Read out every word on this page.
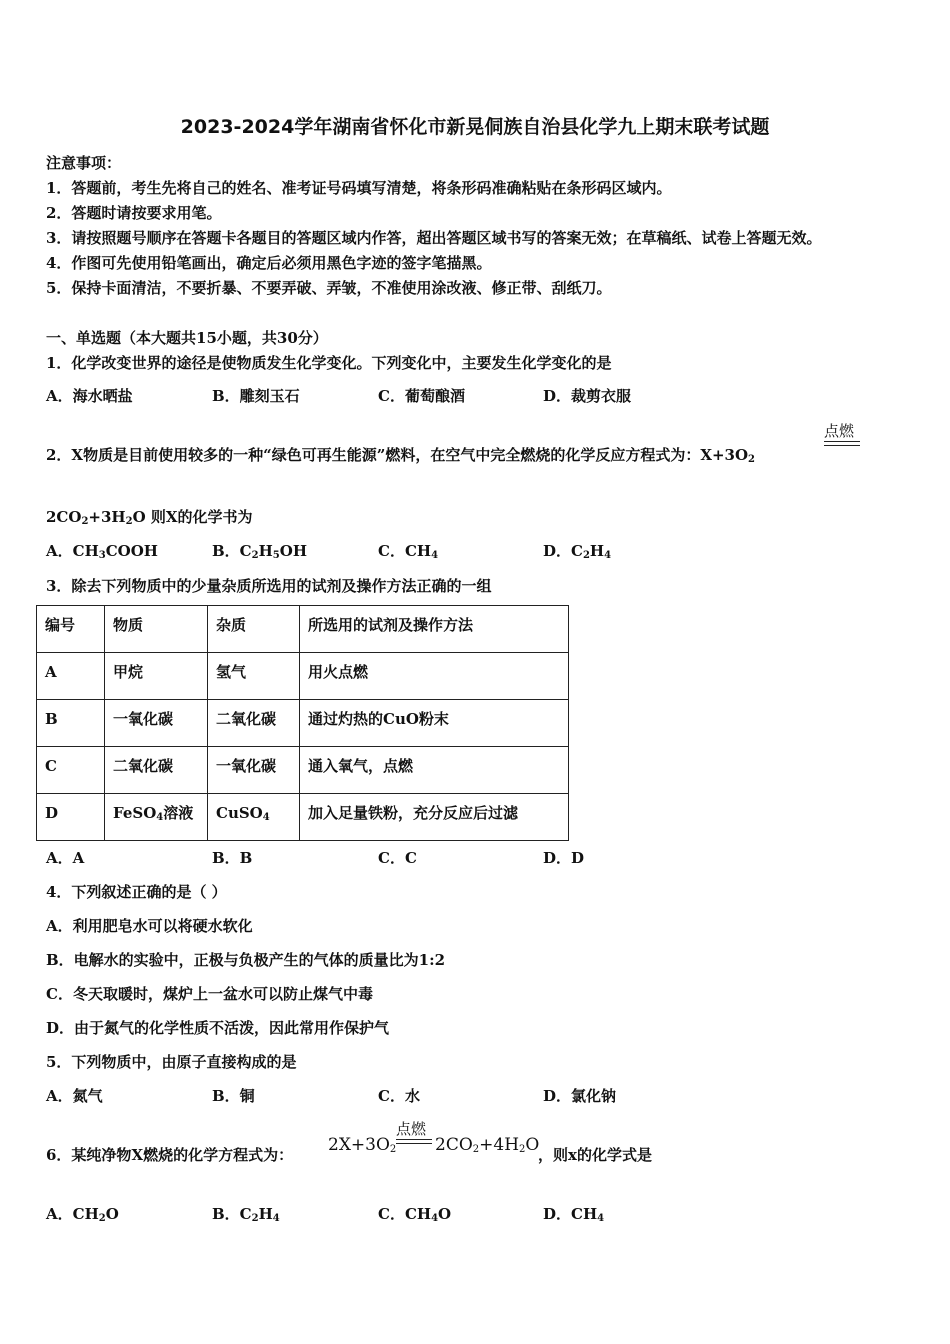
2023-2024学年湖南省怀化市新晃侗族自治县化学九上期末联考试题
注意事项：
1．答题前，考生先将自己的姓名、准考证号码填写清楚，将条形码准确粘贴在条形码区域内。
2．答题时请按要求用笔。
3．请按照题号顺序在答题卡各题目的答题区域内作答，超出答题区域书写的答案无效；在草稿纸、试卷上答题无效。
4．作图可先使用铅笔画出，确定后必须用黑色字迹的签字笔描黑。
5．保持卡面清洁，不要折暴、不要弄破、弄皱，不准使用涂改液、修正带、刮纸刀。
一、单选题（本大题共15小题，共30分）
1．化学改变世界的途径是使物质发生化学变化。下列变化中，主要发生化学变化的是
A．海水晒盐	B．雕刻玉石	C．葡萄酿酒	D．裁剪衣服
2．X物质是目前使用较多的一种“绿色可再生能源”燃料，在空气中完全燃烧的化学反应方程式为：$X+3O_2$
点燃
$2CO_2+3H_2O$ 则X的化学书为
A．$CH_3COOH$	B．$C_2H_5OH$	C．$CH_4$	D．$C_2H_4$
3．除去下列物质中的少量杂质所选用的试剂及操作方法正确的一组
编号	物质	杂质	所选用的试剂及操作方法
A	甲烷	氢气	用火点燃
B	一氧化碳	二氧化碳	通过灼热的CuO粉末
C	二氧化碳	一氧化碳	通入氧气，点燃
D	FeSO$_4$溶液	CuSO$_4$	加入足量铁粉，充分反应后过滤
A．A	B．B	C．C	D．D
4．下列叙述正确的是（ ）
A．利用肥皂水可以将硬水软化
B．电解水的实验中，正极与负极产生的气体的质量比为1:2
C．冬天取暖时，煤炉上一盆水可以防止煤气中毒
D．由于氮气的化学性质不活泼，因此常用作保护气
5．下列物质中，由原子直接构成的是
A．氮气	B．铜	C．水	D．氯化钠
6．某纯净物X燃烧的化学方程式为： $2X+3O_2$
点燃
$2CO_2+4H_2O$
，则x的化学式是
A．$CH_2O$	B．$C_2H_4$	C．$CH_4O$	D．$CH_4$
